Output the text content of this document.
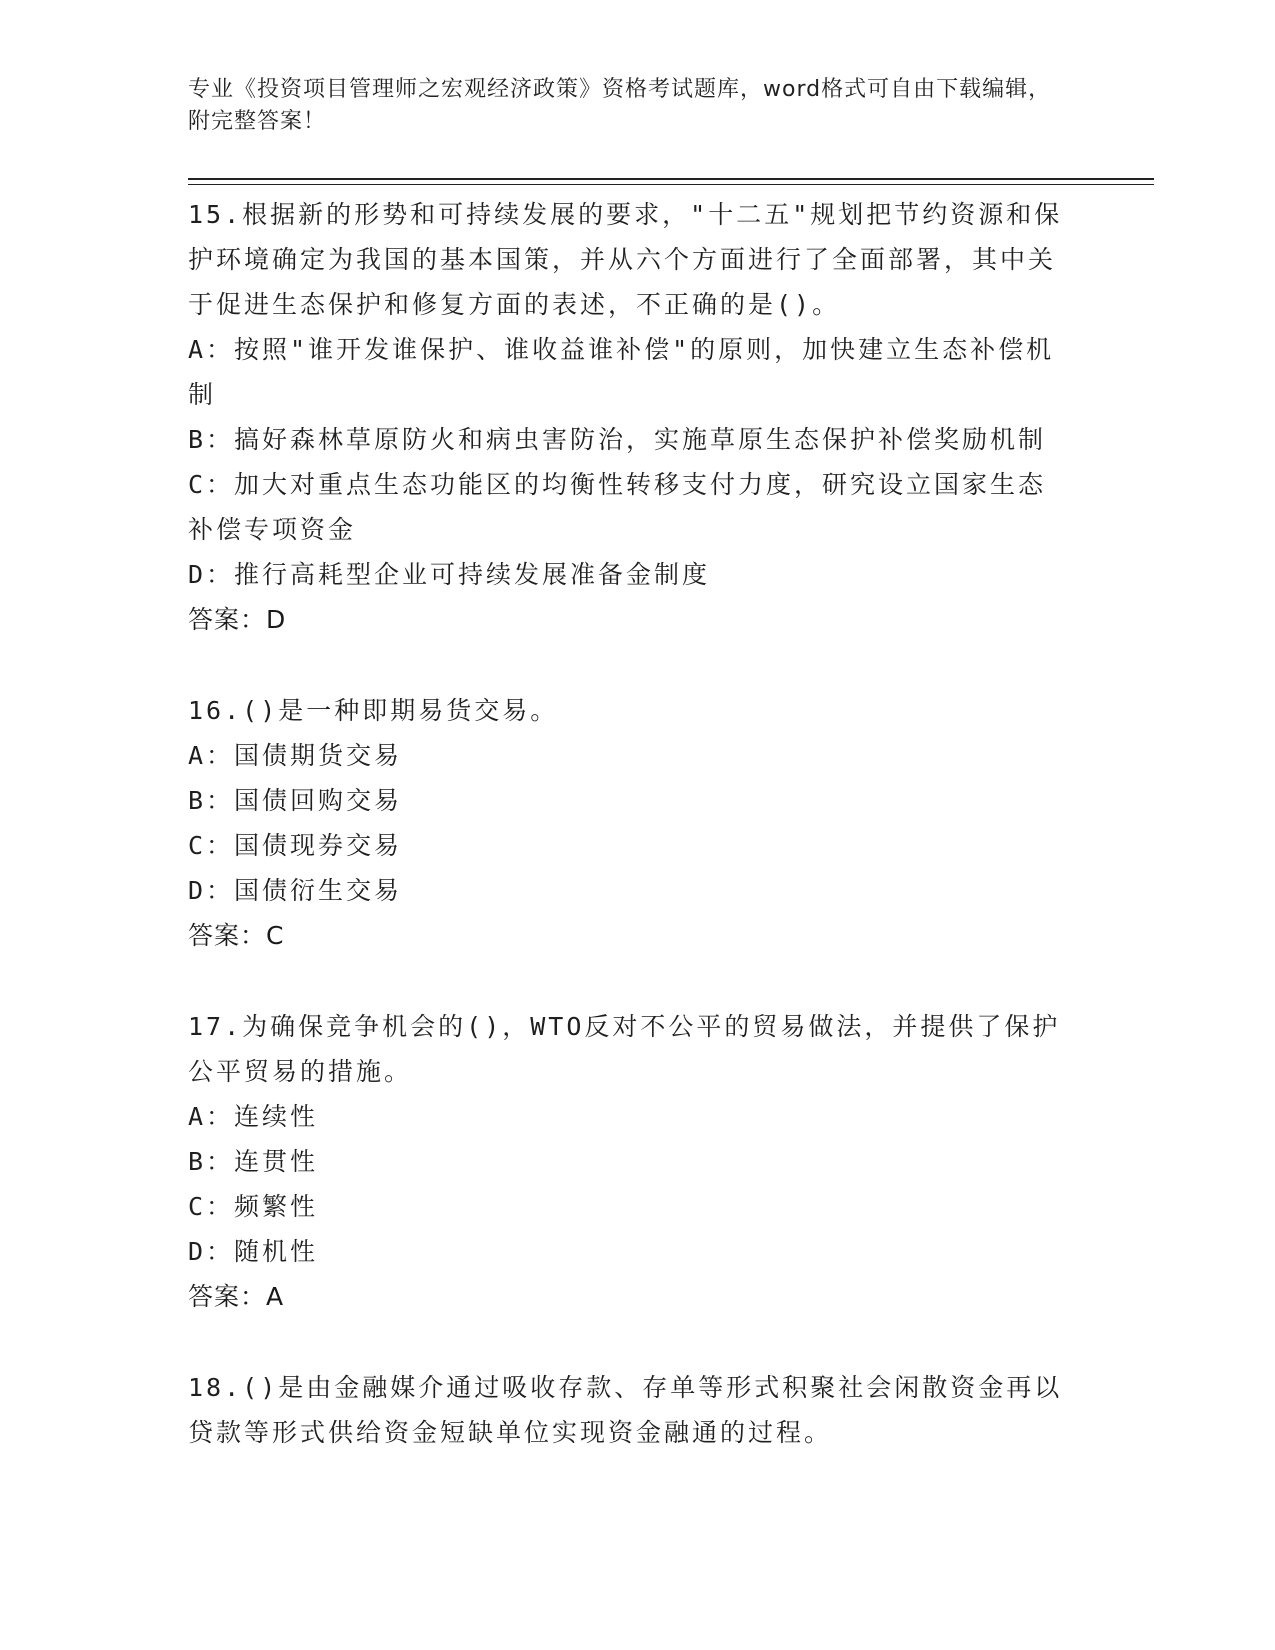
专业《投资项目管理师之宏观经济政策》资格考试题库，word格式可自由下载编辑，附完整答案！
15.根据新的形势和可持续发展的要求，"十二五"规划把节约资源和保护环境确定为我国的基本国策，并从六个方面进行了全面部署，其中关于促进生态保护和修复方面的表述，不正确的是()。
A：按照"谁开发谁保护、谁收益谁补偿"的原则，加快建立生态补偿机制
B：搞好森林草原防火和病虫害防治，实施草原生态保护补偿奖励机制
C：加大对重点生态功能区的均衡性转移支付力度，研究设立国家生态补偿专项资金
D：推行高耗型企业可持续发展准备金制度
答案：D
16.()是一种即期易货交易。
A：国债期货交易
B：国债回购交易
C：国债现券交易
D：国债衍生交易
答案：C
17.为确保竞争机会的()，WTO反对不公平的贸易做法，并提供了保护公平贸易的措施。
A：连续性
B：连贯性
C：频繁性
D：随机性
答案：A
18.()是由金融媒介通过吸收存款、存单等形式积聚社会闲散资金再以贷款等形式供给资金短缺单位实现资金融通的过程。
